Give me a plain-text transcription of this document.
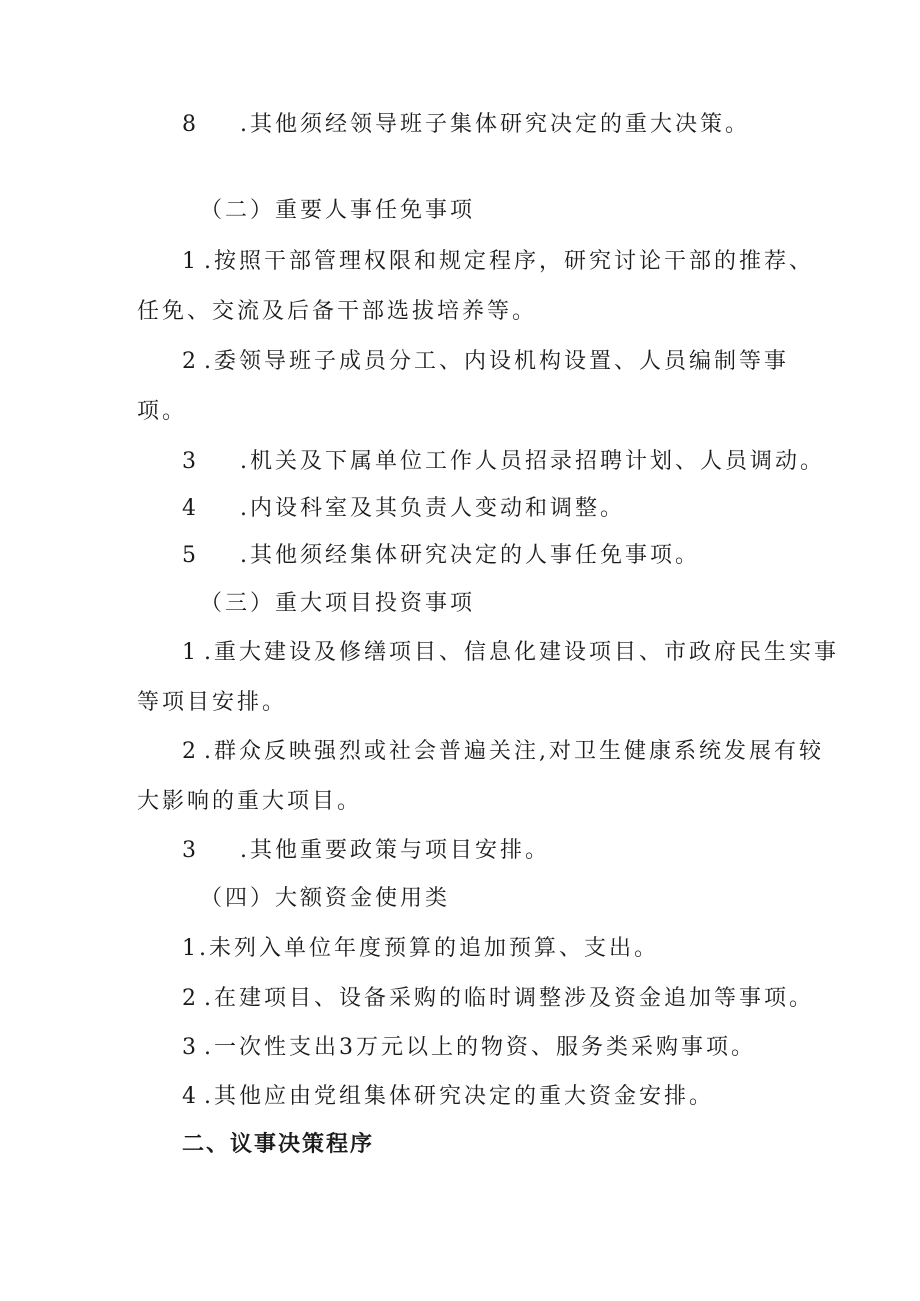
8 .其他须经领导班子集体研究决定的重大决策。
（二）重要人事任免事项
1 .按照干部管理权限和规定程序，研究讨论干部的推荐、
任免、交流及后备干部选拔培养等。
2 .委领导班子成员分工、内设机构设置、人员编制等事
项。
3 .机关及下属单位工作人员招录招聘计划、人员调动。
4 .内设科室及其负责人变动和调整。
5 .其他须经集体研究决定的人事任免事项。
（三）重大项目投资事项
1 .重大建设及修缮项目、信息化建设项目、市政府民生实事
等项目安排。
2 .群众反映强烈或社会普遍关注,对卫生健康系统发展有较
大影响的重大项目。
3 .其他重要政策与项目安排。
（四）大额资金使用类
1.未列入单位年度预算的追加预算、支出。
2 .在建项目、设备采购的临时调整涉及资金追加等事项。
3 .一次性支出3万元以上的物资、服务类采购事项。
4 .其他应由党组集体研究决定的重大资金安排。
二、议事决策程序
